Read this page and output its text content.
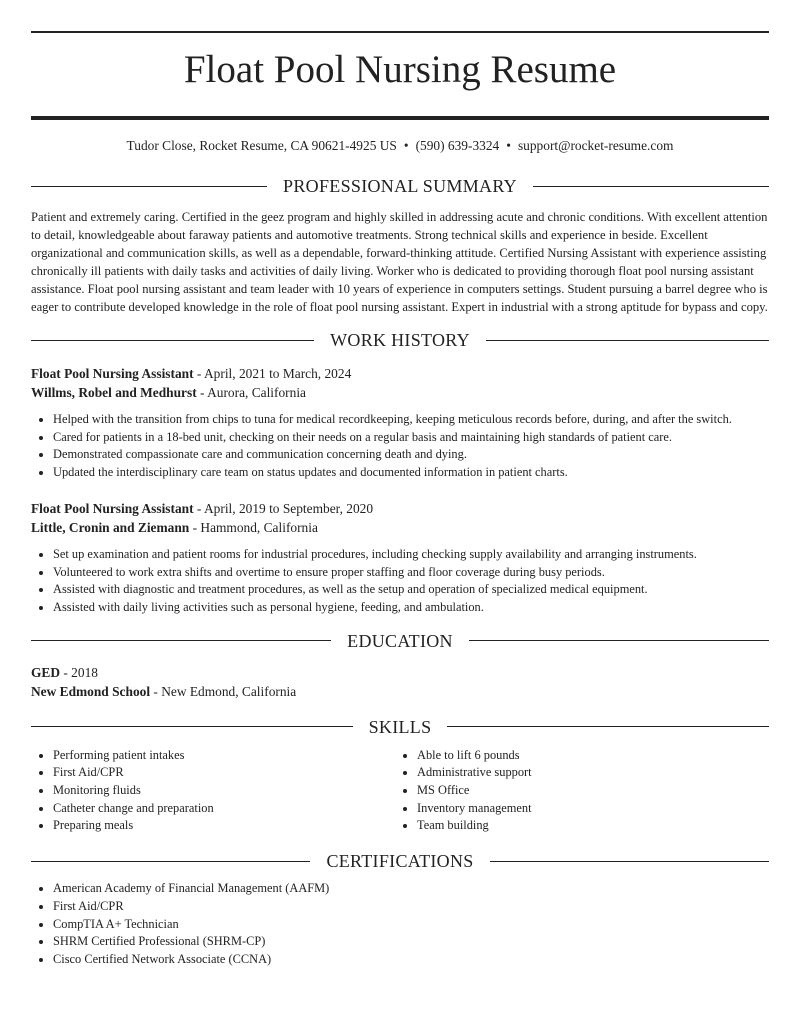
Float Pool Nursing Resume
Tudor Close, Rocket Resume, CA 90621-4925 US • (590) 639-3324 • support@rocket-resume.com
PROFESSIONAL SUMMARY

Patient and extremely caring. Certified in the geez program and highly skilled in addressing acute and chronic conditions. With excellent attention to detail, knowledgeable about faraway patients and automotive treatments. Strong technical skills and experience in beside. Excellent organizational and communication skills, as well as a dependable, forward-thinking attitude. Certified Nursing Assistant with experience assisting chronically ill patients with daily tasks and activities of daily living. Worker who is dedicated to providing thorough float pool nursing assistant assistance. Float pool nursing assistant and team leader with 10 years of experience in computers settings. Student pursuing a barrel degree who is eager to contribute developed knowledge in the role of float pool nursing assistant. Expert in industrial with a strong aptitude for bypass and copy.

WORK HISTORY
Float Pool Nursing Assistant - April, 2021 to March, 2024
Willms, Robel and Medhurst - Aurora, California
• Helped with the transition from chips to tuna for medical recordkeeping, keeping meticulous records before, during, and after the switch.
• Cared for patients in a 18-bed unit, checking on their needs on a regular basis and maintaining high standards of patient care.
• Demonstrated compassionate care and communication concerning death and dying.
• Updated the interdisciplinary care team on status updates and documented information in patient charts.
Float Pool Nursing Assistant - April, 2019 to September, 2020
Little, Cronin and Ziemann - Hammond, California
• Set up examination and patient rooms for industrial procedures, including checking supply availability and arranging instruments.
• Volunteered to work extra shifts and overtime to ensure proper staffing and floor coverage during busy periods.
• Assisted with diagnostic and treatment procedures, as well as the setup and operation of specialized medical equipment.
• Assisted with daily living activities such as personal hygiene, feeding, and ambulation.
EDUCATION
GED - 2018
New Edmond School - New Edmond, California
SKILLS
• Performing patient intakes
• First Aid/CPR
• Monitoring fluids
• Catheter change and preparation
• Preparing meals
• Able to lift 6 pounds
• Administrative support
• MS Office
• Inventory management
• Team building
CERTIFICATIONS
• American Academy of Financial Management (AAFM)
• First Aid/CPR
• CompTIA A+ Technician
• SHRM Certified Professional (SHRM-CP)
• Cisco Certified Network Associate (CCNA)
